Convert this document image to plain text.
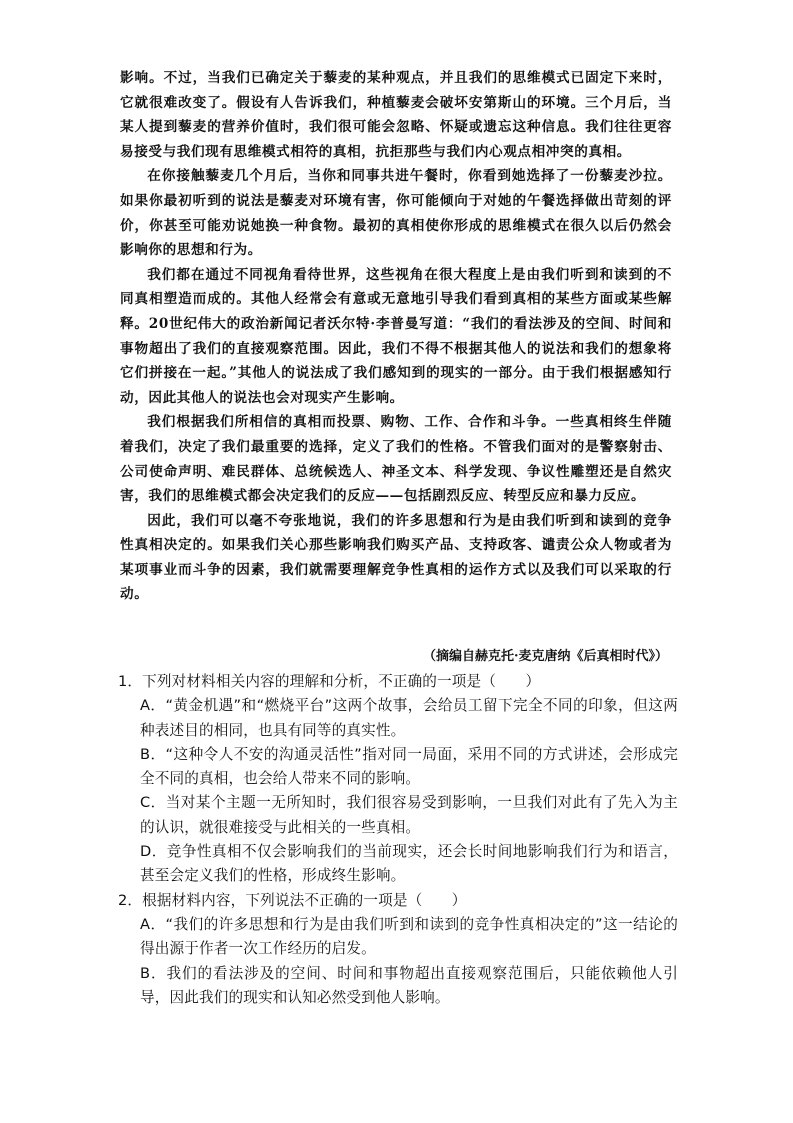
影响。不过，当我们已确定关于藜麦的某种观点，并且我们的思维模式已固定下来时，它就很难改变了。假设有人告诉我们，种植藜麦会破坏安第斯山的环境。三个月后，当某人提到藜麦的营养价值时，我们很可能会忽略、怀疑或遗忘这种信息。我们往往更容易接受与我们现有思维模式相符的真相，抗拒那些与我们内心观点相冲突的真相。

在你接触藜麦几个月后，当你和同事共进午餐时，你看到她选择了一份藜麦沙拉。如果你最初听到的说法是藜麦对环境有害，你可能倾向于对她的午餐选择做出苛刻的评价，你甚至可能劝说她换一种食物。最初的真相使你形成的思维模式在很久以后仍然会影响你的思想和行为。

我们都在通过不同视角看待世界，这些视角在很大程度上是由我们听到和读到的不同真相塑造而成的。其他人经常会有意或无意地引导我们看到真相的某些方面或某些解释。20世纪伟大的政治新闻记者沃尔特·李普曼写道：“我们的看法涉及的空间、时间和事物超出了我们的直接观察范围。因此，我们不得不根据其他人的说法和我们的想象将它们拼接在一起。”其他人的说法成了我们感知到的现实的一部分。由于我们根据感知行动，因此其他人的说法也会对现实产生影响。

我们根据我们所相信的真相而投票、购物、工作、合作和斗争。一些真相终生伴随着我们，决定了我们最重要的选择，定义了我们的性格。不管我们面对的是警察射击、公司使命声明、难民群体、总统候选人、神圣文本、科学发现、争议性雕塑还是自然灾害，我们的思维模式都会决定我们的反应——包括剧烈反应、转型反应和暴力反应。

因此，我们可以毫不夸张地说，我们的许多思想和行为是由我们听到和读到的竞争性真相决定的。如果我们关心那些影响我们购买产品、支持政客、谴责公众人物或者为某项事业而斗争的因素，我们就需要理解竞争性真相的运作方式以及我们可以采取的行动。

（摘编自赫克托·麦克唐纳《后真相时代》）

1．下列对材料相关内容的理解和分析，不正确的一项是（　　）

A．“黄金机遇”和“燃烧平台”这两个故事，会给员工留下完全不同的印象，但这两种表述目的相同，也具有同等的真实性。

B．“这种令人不安的沟通灵活性”指对同一局面，采用不同的方式讲述，会形成完全不同的真相，也会给人带来不同的影响。

C．当对某个主题一无所知时，我们很容易受到影响，一旦我们对此有了先入为主的认识，就很难接受与此相关的一些真相。

D．竞争性真相不仅会影响我们的当前现实，还会长时间地影响我们行为和语言，甚至会定义我们的性格，形成终生影响。

2．根据材料内容，下列说法不正确的一项是（　　）

A．“我们的许多思想和行为是由我们听到和读到的竞争性真相决定的”这一结论的得出源于作者一次工作经历的启发。

B．我们的看法涉及的空间、时间和事物超出直接观察范围后，只能依赖他人引导，因此我们的现实和认知必然受到他人影响。
